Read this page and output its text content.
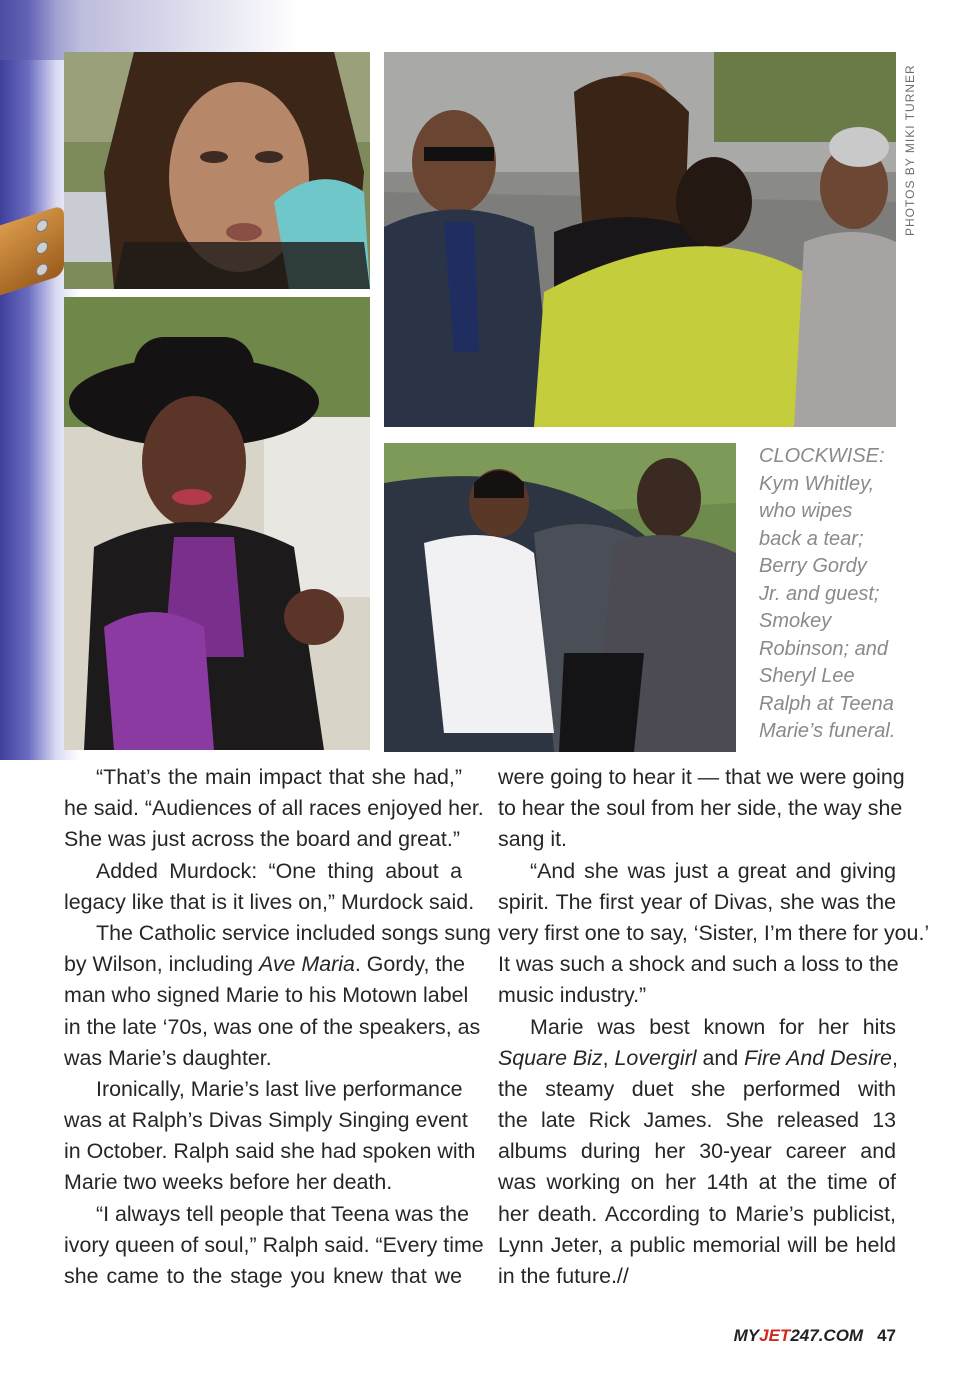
PHOTOS BY MIKI TURNER
CLOCKWISE:
Kym Whitley,
who wipes
back a tear;
Berry Gordy
Jr. and guest;
Smokey
Robinson; and
Sheryl Lee
Ralph at Teena
Marie’s funeral.
“That’s the main impact that she had,”
he said. “Audiences of all races enjoyed her.
She was just across the board and great.”
Added Murdock: “One thing about a
legacy like that is it lives on,” Murdock said.
The Catholic service included songs sung
by Wilson, including Ave Maria. Gordy, the
man who signed Marie to his Motown label
in the late ‘70s, was one of the speakers, as
was Marie’s daughter.
Ironically, Marie’s last live performance
was at Ralph’s Divas Simply Singing event
in October. Ralph said she had spoken with
Marie two weeks before her death.
“I always tell people that Teena was the
ivory queen of soul,” Ralph said. “Every time
she came to the stage you knew that we
were going to hear it — that we were going
to hear the soul from her side, the way she
sang it.
“And she was just a great and giving
spirit. The first year of Divas, she was the
very first one to say, ‘Sister, I’m there for you.’
It was such a shock and such a loss to the
music industry.”
Marie was best known for her hits
Square Biz, Lovergirl and Fire And Desire,
the steamy duet she performed with
the late Rick James. She released 13
albums during her 30-year career and
was working on her 14th at the time of
her death. According to Marie’s publicist,
Lynn Jeter, a public memorial will be held
in the future.//
MYJET247.COM 47
